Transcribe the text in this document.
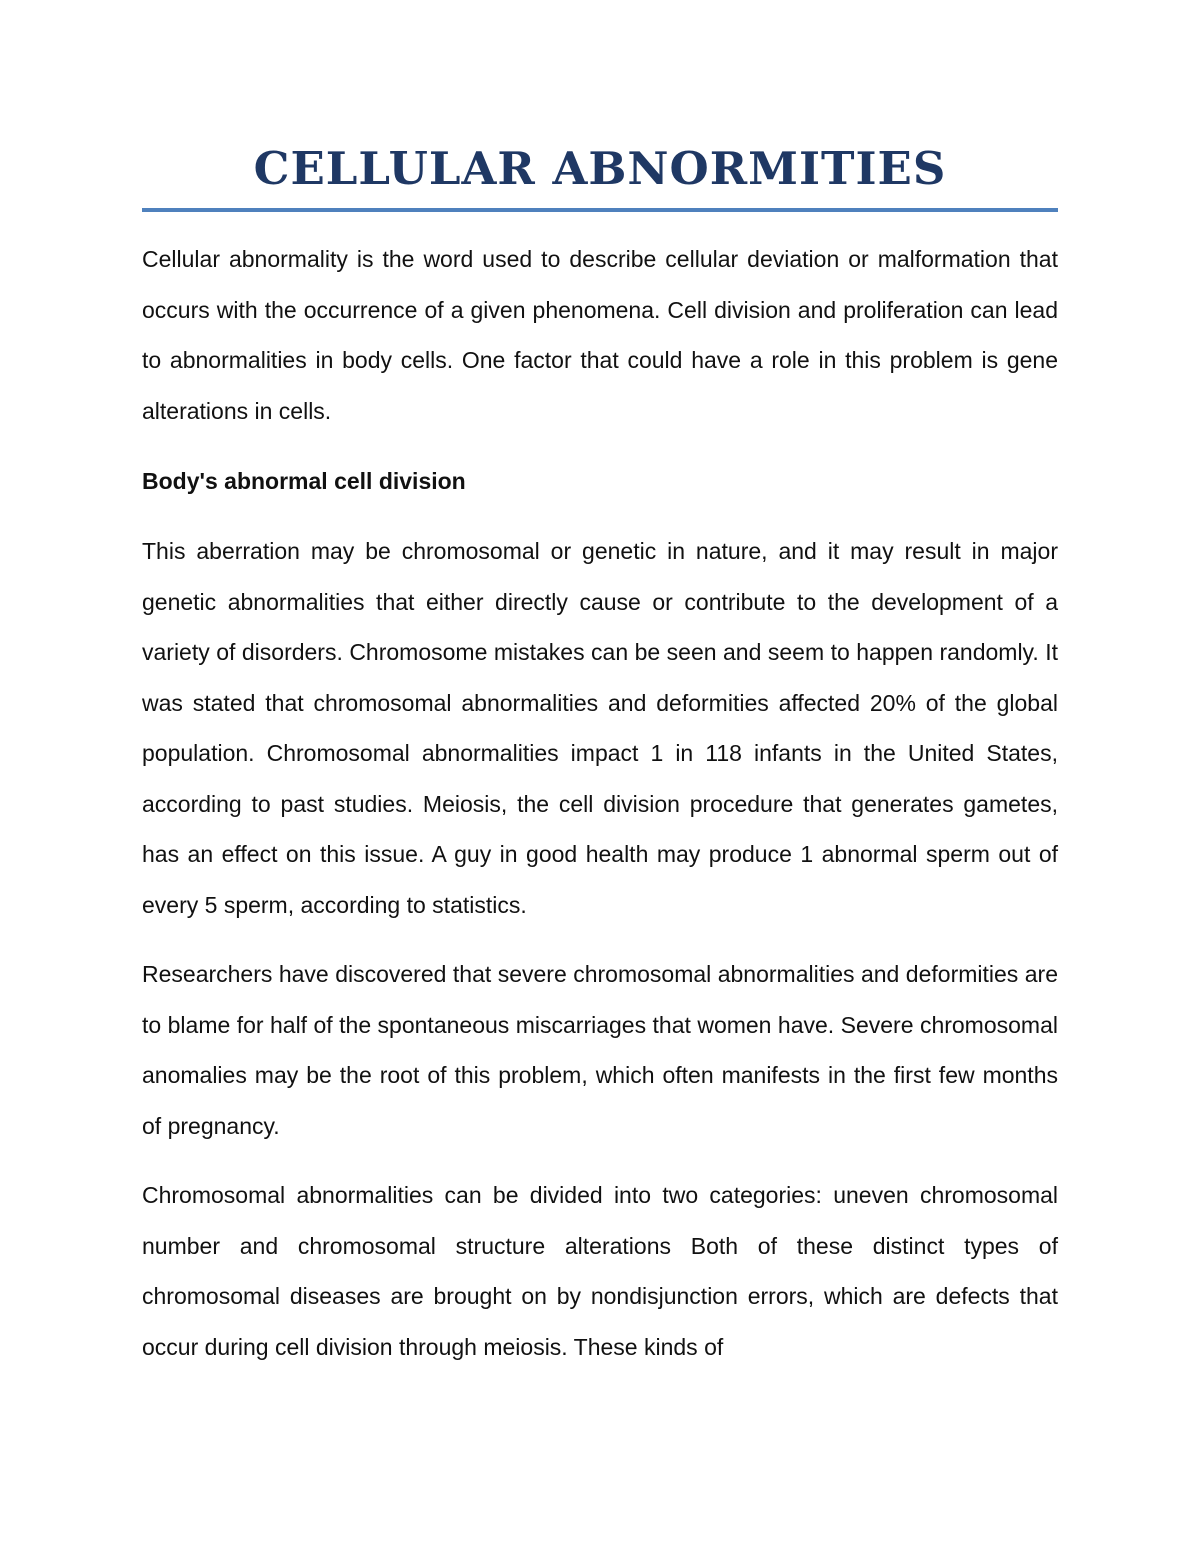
CELLULAR ABNORMITIES

Cellular abnormality is the word used to describe cellular deviation or malformation that occurs with the occurrence of a given phenomena. Cell division and proliferation can lead to abnormalities in body cells. One factor that could have a role in this problem is gene alterations in cells.

Body's abnormal cell division

This aberration may be chromosomal or genetic in nature, and it may result in major genetic abnormalities that either directly cause or contribute to the development of a variety of disorders. Chromosome mistakes can be seen and seem to happen randomly. It was stated that chromosomal abnormalities and deformities affected 20% of the global population. Chromosomal abnormalities impact 1 in 118 infants in the United States, according to past studies. Meiosis, the cell division procedure that generates gametes, has an effect on this issue. A guy in good health may produce 1 abnormal sperm out of every 5 sperm, according to statistics.

Researchers have discovered that severe chromosomal abnormalities and deformities are to blame for half of the spontaneous miscarriages that women have. Severe chromosomal anomalies may be the root of this problem, which often manifests in the first few months of pregnancy.

Chromosomal abnormalities can be divided into two categories: uneven chromosomal number and chromosomal structure alterations Both of these distinct types of chromosomal diseases are brought on by nondisjunction errors, which are defects that occur during cell division through meiosis. These kinds of
